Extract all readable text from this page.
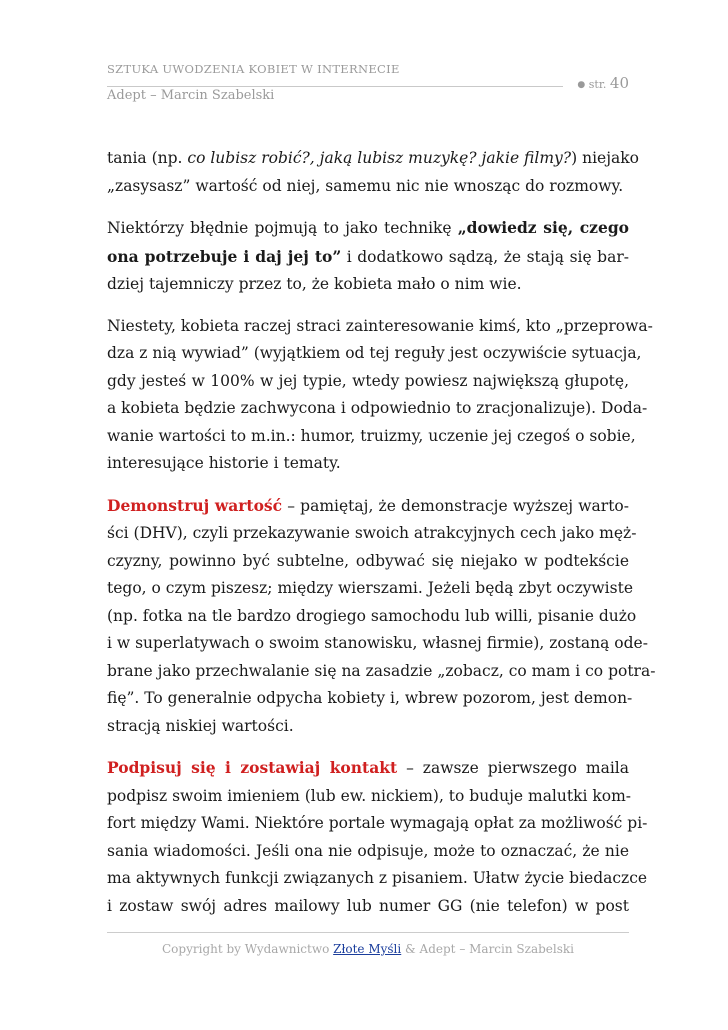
SZTUKA UWODZENIA KOBIET W INTERNECIE
● str. 40
Adept – Marcin Szabelski

tania (np. co lubisz robić?, jaką lubisz muzykę? jakie filmy?) niejako
„zasysasz” wartość od niej, samemu nic nie wnosząc do rozmowy.

Niektórzy błędnie pojmują to jako technikę „dowiedz się, czego
ona potrzebuje i daj jej to” i dodatkowo sądzą, że stają się bar-
dziej tajemniczy przez to, że kobieta mało o nim wie.

Niestety, kobieta raczej straci zainteresowanie kimś, kto „przeprowa-
dza z nią wywiad” (wyjątkiem od tej reguły jest oczywiście sytuacja,
gdy jesteś w 100% w jej typie, wtedy powiesz największą głupotę,
a kobieta będzie zachwycona i odpowiednio to zracjonalizuje). Doda-
wanie wartości to m.in.: humor, truizmy, uczenie jej czegoś o sobie,
interesujące historie i tematy.

Demonstruj wartość – pamiętaj, że demonstracje wyższej warto-
ści (DHV), czyli przekazywanie swoich atrakcyjnych cech jako męż-
czyzny, powinno być subtelne, odbywać się niejako w podtekście
tego, o czym piszesz; między wierszami. Jeżeli będą zbyt oczywiste
(np. fotka na tle bardzo drogiego samochodu lub willi, pisanie dużo
i w superlatywach o swoim stanowisku, własnej firmie), zostaną ode-
brane jako przechwalanie się na zasadzie „zobacz, co mam i co potra-
fię”. To generalnie odpycha kobiety i, wbrew pozorom, jest demon-
stracją niskiej wartości.

Podpisuj się i zostawiaj kontakt – zawsze pierwszego maila
podpisz swoim imieniem (lub ew. nickiem), to buduje malutki kom-
fort między Wami. Niektóre portale wymagają opłat za możliwość pi-
sania wiadomości. Jeśli ona nie odpisuje, może to oznaczać, że nie
ma aktywnych funkcji związanych z pisaniem. Ułatw życie biedaczce
i zostaw swój adres mailowy lub numer GG (nie telefon) w post

Copyright by Wydawnictwo Złote Myśli & Adept – Marcin Szabelski
